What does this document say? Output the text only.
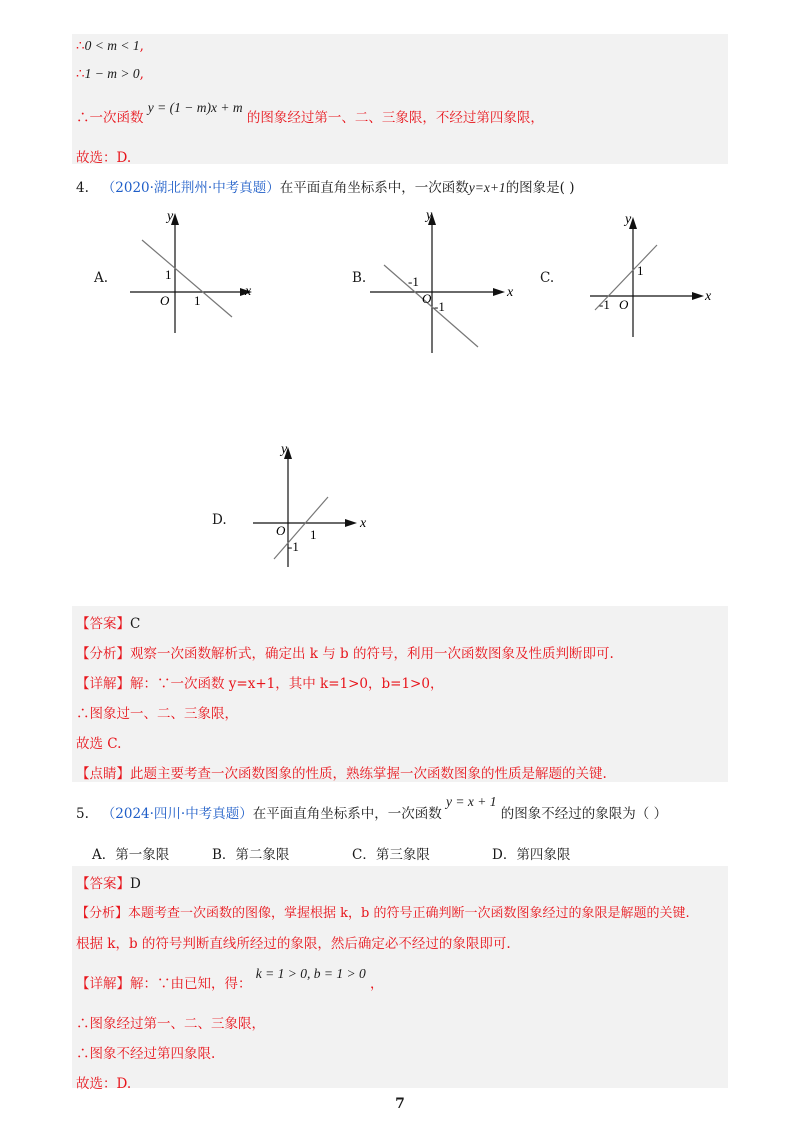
∴0 < m < 1,
∴1 − m > 0,
∴一次函数 y = (1 − m)x + m 的图象经过第一、二、三象限，不经过第四象限，
故选：D.
4. （2020·湖北荆州·中考真题）在平面直角坐标系中，一次函数y=x+1的图象是( )
A.
y
x
O
1
1
B.
y
x
O
-1
-1
C.
y
x
O
1
-1
D.
y
x
O 1
-1
【答案】C
【分析】观察一次函数解析式，确定出 k 与 b 的符号，利用一次函数图象及性质判断即可.
【详解】解：∵一次函数 y=x+1，其中 k=1>0，b=1>0，
∴图象过一、二、三象限，
故选 C.
【点睛】此题主要考查一次函数图象的性质，熟练掌握一次函数图象的性质是解题的关键.
5. （2024·四川·中考真题）在平面直角坐标系中，一次函数 y = x + 1 的图象不经过的象限为（ ）
A．第一象限	B．第二象限	C．第三象限	D．第四象限
【答案】D
【分析】本题考查一次函数的图像，掌握根据 k，b 的符号正确判断一次函数图象经过的象限是解题的关键.
根据 k，b 的符号判断直线所经过的象限，然后确定必不经过的象限即可.
【详解】解：∵由已知，得： k = 1 > 0, b = 1 > 0 ，
∴图象经过第一、二、三象限，
∴图象不经过第四象限.
故选：D.
7
